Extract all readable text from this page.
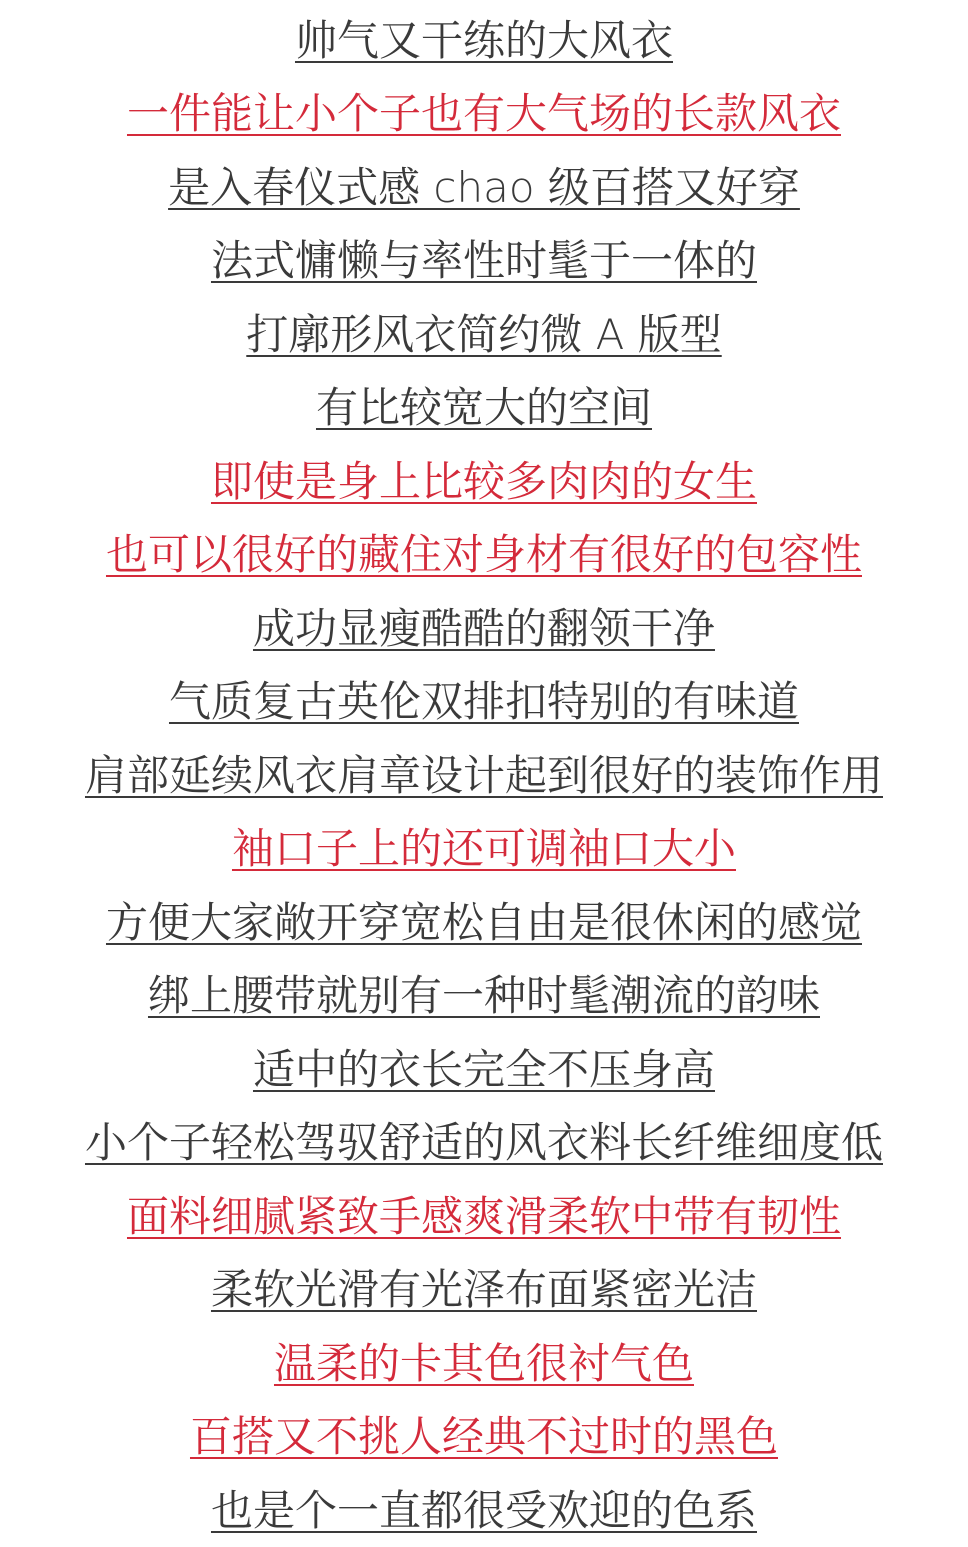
帅气又干练的大风衣
一件能让小个子也有大气场的长款风衣
是入春仪式感 chao 级百搭又好穿
法式慵懒与率性时髦于一体的
打廓形风衣简约微 A 版型
有比较宽大的空间
即使是身上比较多肉肉的女生
也可以很好的藏住对身材有很好的包容性
成功显瘦酷酷的翻领干净
气质复古英伦双排扣特别的有味道
肩部延续风衣肩章设计起到很好的装饰作用
袖口子上的还可调袖口大小
方便大家敞开穿宽松自由是很休闲的感觉
绑上腰带就别有一种时髦潮流的韵味
适中的衣长完全不压身高
小个子轻松驾驭舒适的风衣料长纤维细度低
面料细腻紧致手感爽滑柔软中带有韧性
柔软光滑有光泽布面紧密光洁
温柔的卡其色很衬气色
百搭又不挑人经典不过时的黑色
也是个一直都很受欢迎的色系
